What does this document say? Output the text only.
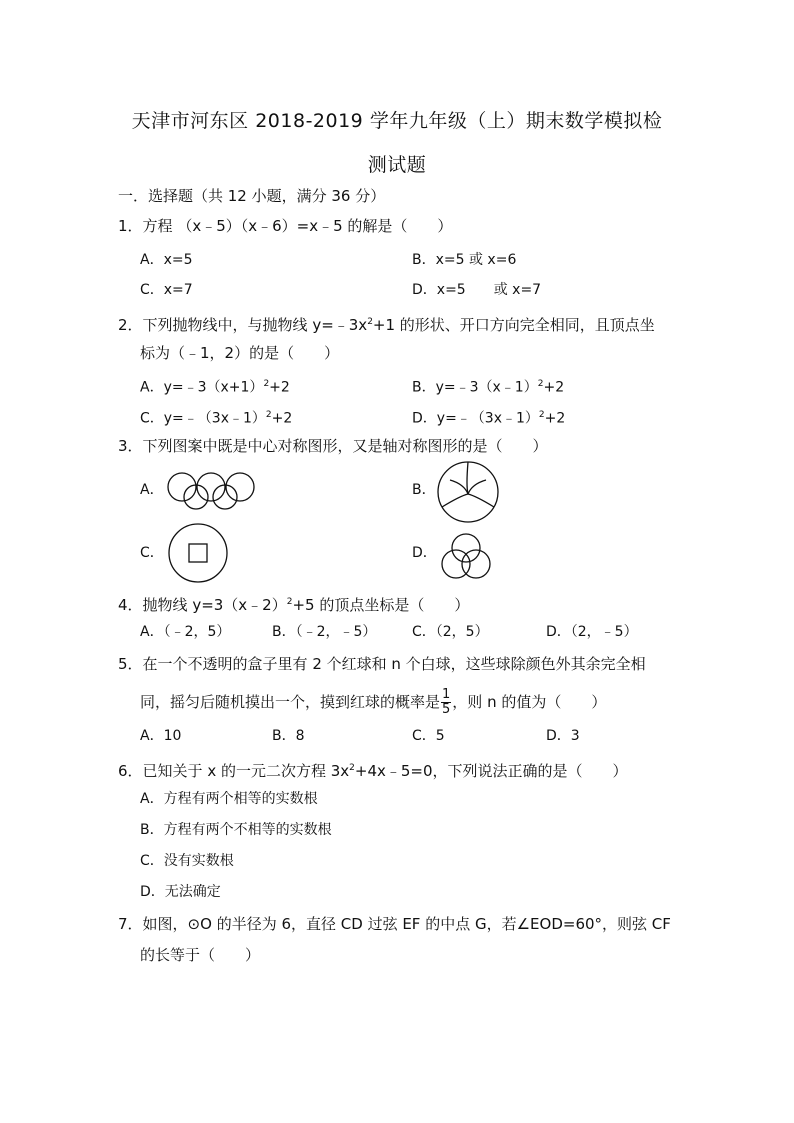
天津市河东区 2018-2019 学年九年级（上）期末数学模拟检
测试题
一．选择题（共 12 小题，满分 36 分）
1．方程 （x﹣5）（x﹣6）=x﹣5 的解是（　　）
A．x=5	B．x=5 或 x=6
C．x=7	D．x=5　　或 x=7
2．下列抛物线中，与抛物线 $y=﹣3x^2+1$ 的形状、开口方向完全相同，且顶点坐
标为（﹣1，2）的是（　　）
A．$y=﹣3(x+1)^2+2$	B．y=﹣3（x﹣1）$^2$+2
C．y=﹣（3x﹣1）$^2$+2	D．y=﹣（3x﹣1）$^2$+2
3．下列图案中既是中心对称图形，又是轴对称图形的是（　　）
A．	B．
C．	D．
4．抛物线 y=3（x﹣2）$^2$+5 的顶点坐标是（　　）
A．（﹣2，5）	B．（﹣2，﹣5）	C．（2，5）	D．（2，﹣5）
5．在一个不透明的盒子里有 2 个红球和 n 个白球，这些球除颜色外其余完全相
同，摇匀后随机摸出一个，摸到红球的概率是 $\frac{1}{5}$ ，则 n 的值为（　　）
A．10	B．8	C．5	D．3
6．已知关于 x 的一元二次方程 $3x^2+4x﹣5=0$，下列说法正确的是（　　）
A．方程有两个相等的实数根
B．方程有两个不相等的实数根
C．没有实数根
D．无法确定
7．如图，⊙O 的半径为 6，直径 CD 过弦 EF 的中点 G，若∠EOD=60°，则弦 CF
的长等于（　　）
